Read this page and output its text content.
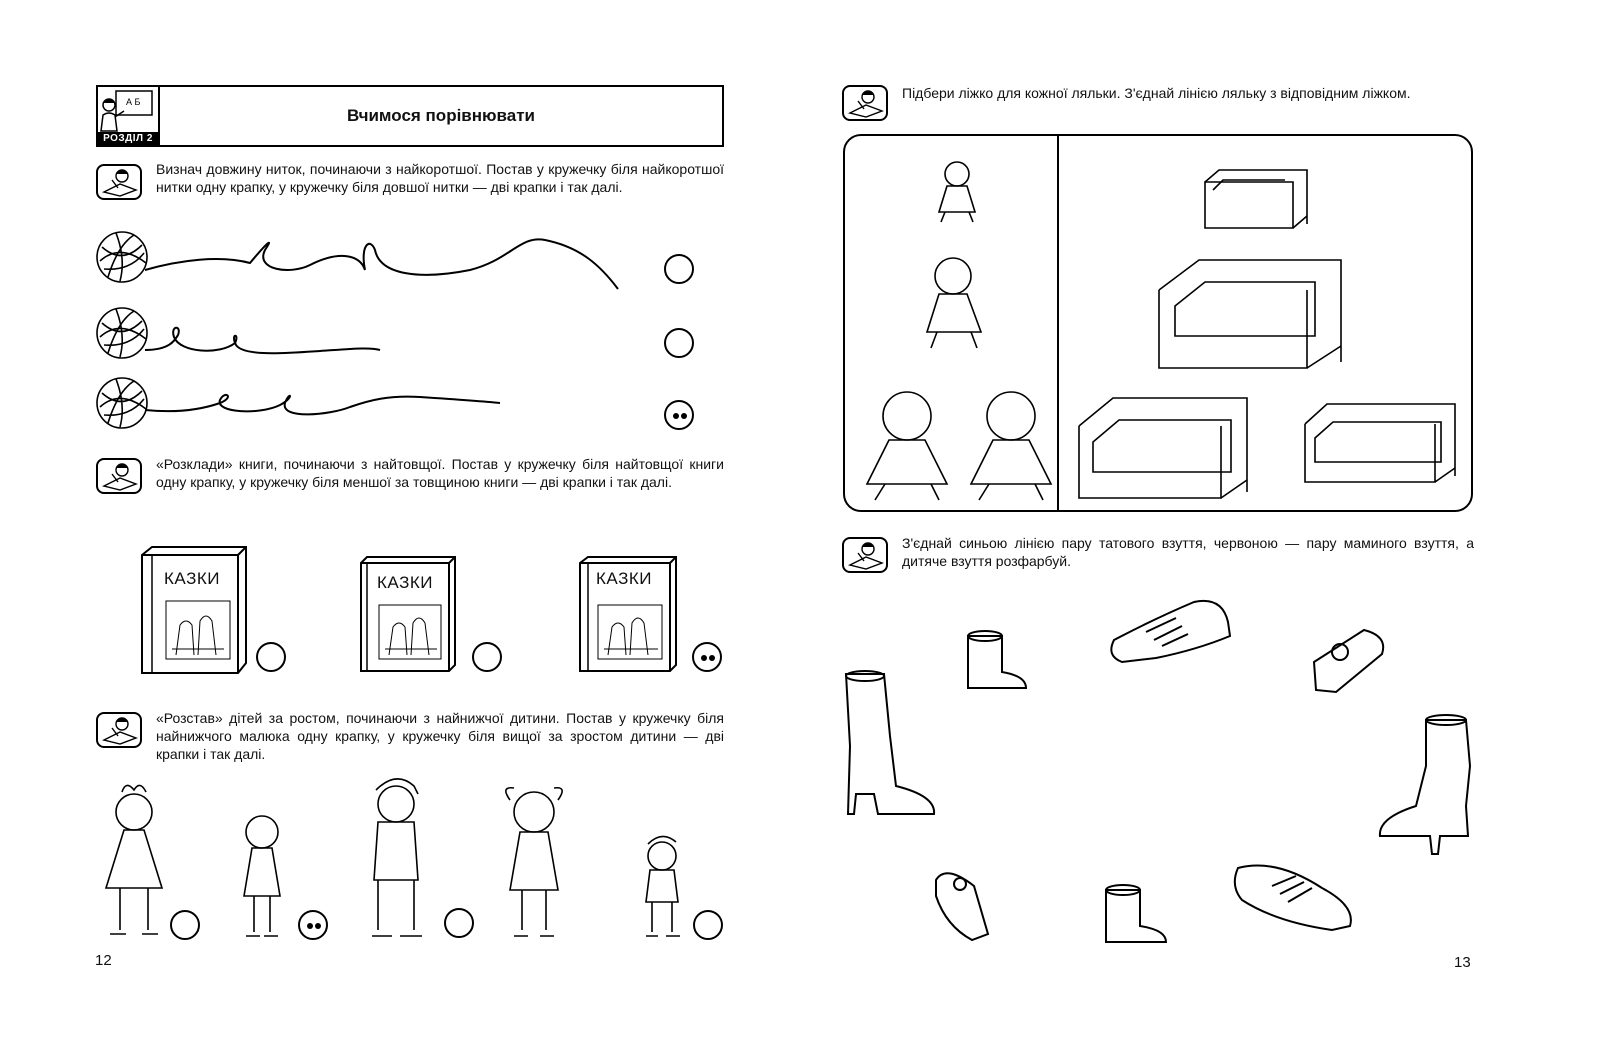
А Б
РОЗДІЛ 2
Вчимося порівнювати
Визнач довжину ниток, починаючи з найкоротшої. Постав у кружечку біля найкоротшої нитки одну крапку, у кружечку біля довшої нитки — дві крапки і так далі.
«Розклади» книги, починаючи з найтовщої. Постав у кружечку біля найтовщої книги одну крапку, у кружечку біля меншої за товщиною книги — дві крапки і так далі.
КАЗКИ	КАЗКИ	КАЗКИ
«Розстав» дітей за ростом, починаючи з найнижчої дитини. Постав у кружечку біля найнижчого малюка одну крапку, у кружечку біля вищої за зростом дитини — дві крапки і так далі.
12
Підбери ліжко для кожної ляльки. З'єднай лінією ляльку з відповідним ліжком.
З'єднай синьою лінією пару татового взуття, червоною — пару маминого взуття, а дитяче взуття розфарбуй.
13
